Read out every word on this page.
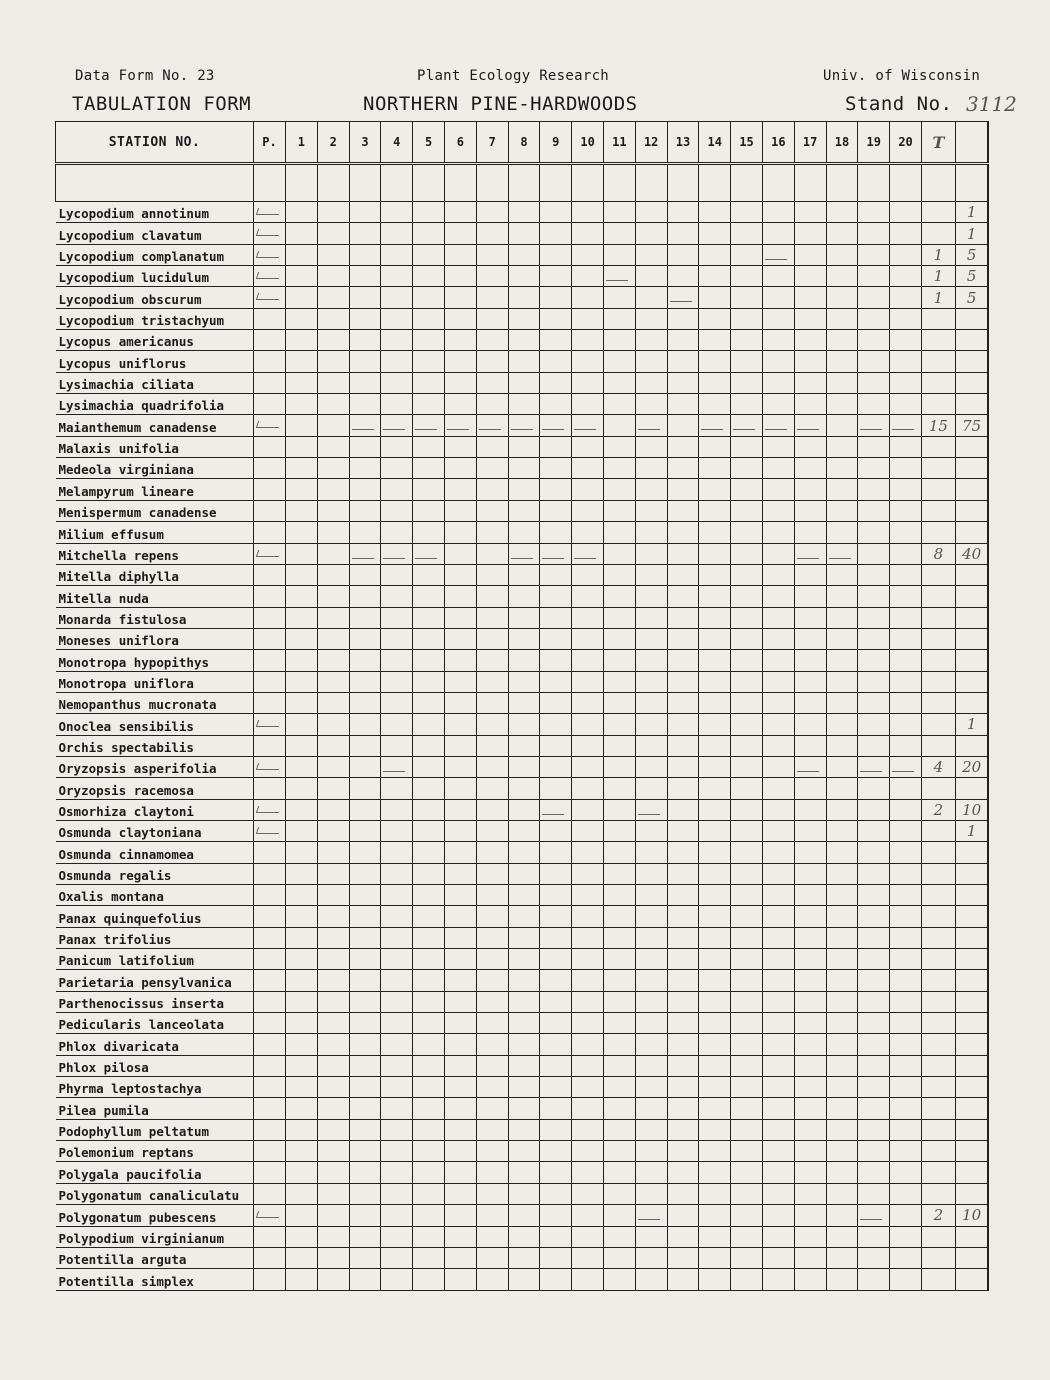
Data Form No. 23
TABULATION FORM
Plant Ecology Research
NORTHERN PINE-HARDWOODS
Univ. of Wisconsin
Stand No. 3112
STATION NO.	P.	1	2	3	4	5	6	7	8	9	10	11	12	13	14	15	16	17	18	19	20	T	

Lycopodium annotinum																							1
Lycopodium clavatum																							1
Lycopodium complanatum																						1	5
Lycopodium lucidulum																						1	5
Lycopodium obscurum																						1	5
Lycopodium tristachyum																							
Lycopus americanus																							
Lycopus uniflorus																							
Lysimachia ciliata																							
Lysimachia quadrifolia																							
Maianthemum canadense																						15	75
Malaxis unifolia																							
Medeola virginiana																							
Melampyrum lineare																							
Menispermum canadense																							
Milium effusum																							
Mitchella repens																						8	40
Mitella diphylla																							
Mitella nuda																							
Monarda fistulosa																							
Moneses uniflora																							
Monotropa hypopithys																							
Monotropa uniflora																							
Nemopanthus mucronata																							
Onoclea sensibilis																							1
Orchis spectabilis																							
Oryzopsis asperifolia																						4	20
Oryzopsis racemosa																							
Osmorhiza claytoni																						2	10
Osmunda claytoniana																							1
Osmunda cinnamomea																							
Osmunda regalis																							
Oxalis montana																							
Panax quinquefolius																							
Panax trifolius																							
Panicum latifolium																							
Parietaria pensylvanica																							
Parthenocissus inserta																							
Pedicularis lanceolata																							
Phlox divaricata																							
Phlox pilosa																							
Phyrma leptostachya																							
Pilea pumila																							
Podophyllum peltatum																							
Polemonium reptans																							
Polygala paucifolia																							
Polygonatum canaliculatu																							
Polygonatum pubescens																						2	10
Polypodium virginianum																							
Potentilla arguta																							
Potentilla simplex																							
